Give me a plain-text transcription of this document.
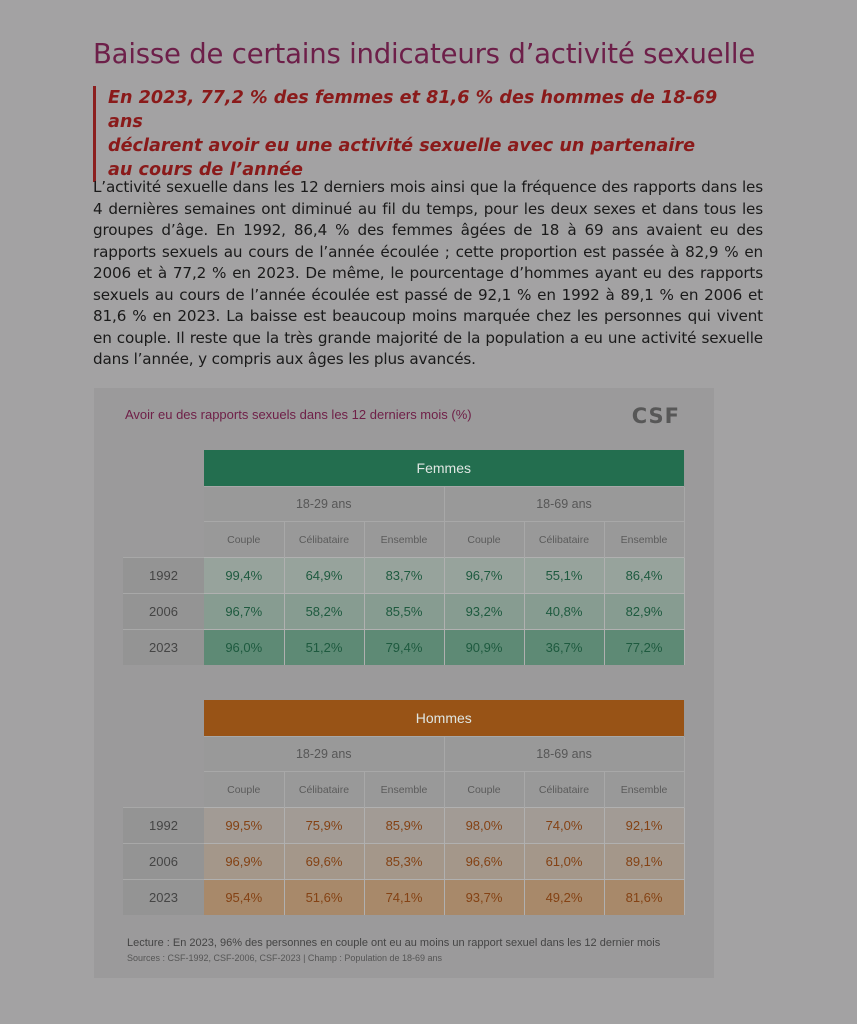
Baisse de certains indicateurs d’activité sexuelle
En 2023, 77,2 % des femmes et 81,6 % des hommes de 18-69 ans
déclarent avoir eu une activité sexuelle avec un partenaire
au cours de l’année

L’activité sexuelle dans les 12 derniers mois ainsi que la fréquence des rapports dans les 4 dernières semaines ont diminué au fil du temps, pour les deux sexes et dans tous les groupes d’âge. En 1992, 86,4 % des femmes âgées de 18 à 69 ans avaient eu des rapports sexuels au cours de l’année écoulée ; cette proportion est passée à 82,9 % en 2006 et à 77,2 % en 2023. De même, le pourcentage d’hommes ayant eu des rapports sexuels au cours de l’année écoulée est passé de 92,1 % en 1992 à 89,1 % en 2006 et 81,6 % en 2023. La baisse est beaucoup moins marquée chez les personnes qui vivent en couple. Il reste que la très grande majorité de la population a eu une activité sexuelle dans l’année, y compris aux âges les plus avancés.

Avoir eu des rapports sexuels dans les 12 derniers mois (%)	CSF
	Femmes					
	18-29 ans			18-69 ans		
	Couple	Célibataire	Ensemble	Couple	Célibataire	Ensemble
1992	99,4%	64,9%	83,7%	96,7%	55,1%	86,4%
2006	96,7%	58,2%	85,5%	93,2%	40,8%	82,9%
2023	96,0%	51,2%	79,4%	90,9%	36,7%	77,2%
	Hommes					
	18-29 ans			18-69 ans		
	Couple	Célibataire	Ensemble	Couple	Célibataire	Ensemble
1992	99,5%	75,9%	85,9%	98,0%	74,0%	92,1%
2006	96,9%	69,6%	85,3%	96,6%	61,0%	89,1%
2023	95,4%	51,6%	74,1%	93,7%	49,2%	81,6%
Lecture : En 2023, 96% des personnes en couple ont eu au moins un rapport sexuel dans les 12 dernier mois
Sources : CSF-1992, CSF-2006, CSF-2023 | Champ : Population de 18-69 ans
